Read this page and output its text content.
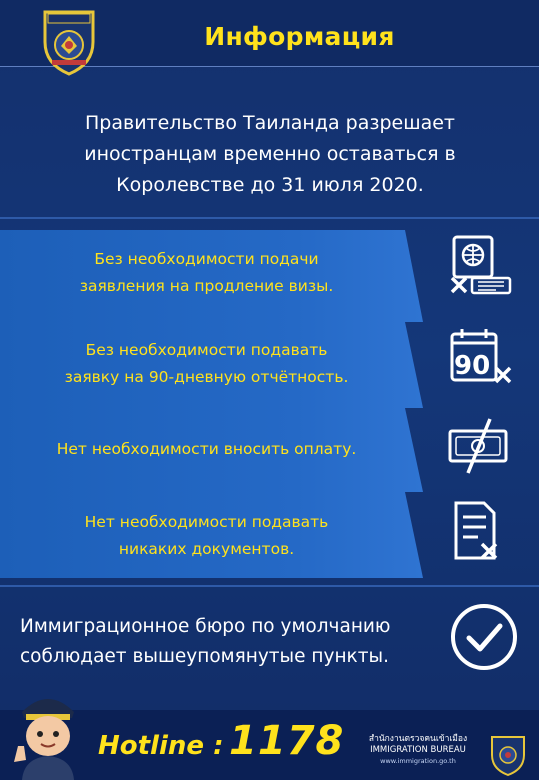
Информация
Правительство Таиланда разрешает
иностранцам временно оставаться в
Королевстве до 31 июля 2020.
Без необходимости подачи
заявления на продление визы.
Без необходимости подавать
заявку на 90-дневную отчётность.	90
Нет необходимости вносить оплату.
Нет необходимости подавать
никаких документов.
Иммиграционное бюро по умолчанию
соблюдает вышеупомянутые пункты.
Hotline : 1178	สำนักงานตรวจคนเข้าเมือง
IMMIGRATION BUREAU
www.immigration.go.th
